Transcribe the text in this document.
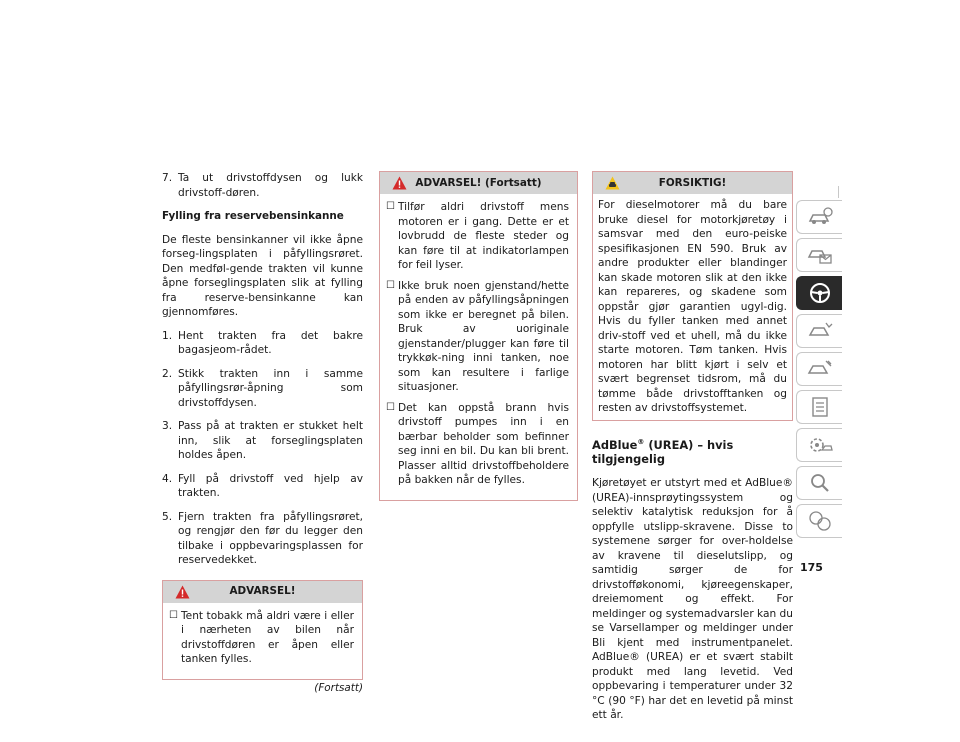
7. Ta ut drivstoffdysen og lukk drivstoff-døren.
Fylling fra reservebensinkanne

De fleste bensinkanner vil ikke åpne forseg-lingsplaten i påfyllingsrøret. Den medføl-gende trakten vil kunne åpne forseglingsplaten slik at fylling fra reserve-bensinkanne kan gjennomføres.

1. Hent trakten fra det bakre bagasjeom-rådet.
2. Stikk trakten inn i samme påfyllingsrør-åpning som drivstoffdysen.
3. Pass på at trakten er stukket helt inn, slik at forseglingsplaten holdes åpen.
4. Fyll på drivstoff ved hjelp av trakten.
5. Fjern trakten fra påfyllingsrøret, og rengjør den før du legger den tilbake i oppbevaringsplassen for reservedekket.
ADVARSEL!
☐ Tent tobakk må aldri være i eller i nærheten av bilen når drivstoffdøren er åpen eller tanken fylles.
(Fortsatt)
ADVARSEL! (Fortsatt)
☐ Tilfør aldri drivstoff mens motoren er i gang. Dette er et lovbrudd de fleste steder og kan føre til at indikatorlampen for feil lyser.
☐ Ikke bruk noen gjenstand/hette på enden av påfyllingsåpningen som ikke er beregnet på bilen. Bruk av uoriginale gjenstander/plugger kan føre til trykkøk-ning inni tanken, noe som kan resultere i farlige situasjoner.
☐ Det kan oppstå brann hvis drivstoff pumpes inn i en bærbar beholder som befinner seg inni en bil. Du kan bli brent. Plasser alltid drivstoffbeholdere på bakken når de fylles.
FORSIKTIG!
For dieselmotorer må du bare bruke diesel for motorkjøretøy i samsvar med den euro-peiske spesifikasjonen EN 590. Bruk av andre produkter eller blandinger kan skade motoren slik at den ikke kan repareres, og skadene som oppstår gjør garantien ugyl-dig. Hvis du fyller tanken med annet driv-stoff ved et uhell, må du ikke starte motoren. Tøm tanken. Hvis motoren har blitt kjørt i selv et svært begrenset tidsrom, må du tømme både drivstofftanken og resten av drivstoffsystemet.
AdBlue® (UREA) – hvis tilgjengelig

Kjøretøyet er utstyrt med et AdBlue® (UREA)-innsprøytingssystem og selektiv katalytisk reduksjon for å oppfylle utslipp-skravene. Disse to systemene sørger for over-holdelse av kravene til dieselutslipp, og samtidig sørger de for drivstofføkonomi, kjøreegenskaper, dreiemoment og effekt. For meldinger og systemadvarsler kan du se Varsellamper og meldinger under Bli kjent med instrumentpanelet. AdBlue® (UREA) er et svært stabilt produkt med lang levetid. Ved oppbevaring i temperaturer under 32 °C (90 °F) har det en levetid på minst ett år.

175
